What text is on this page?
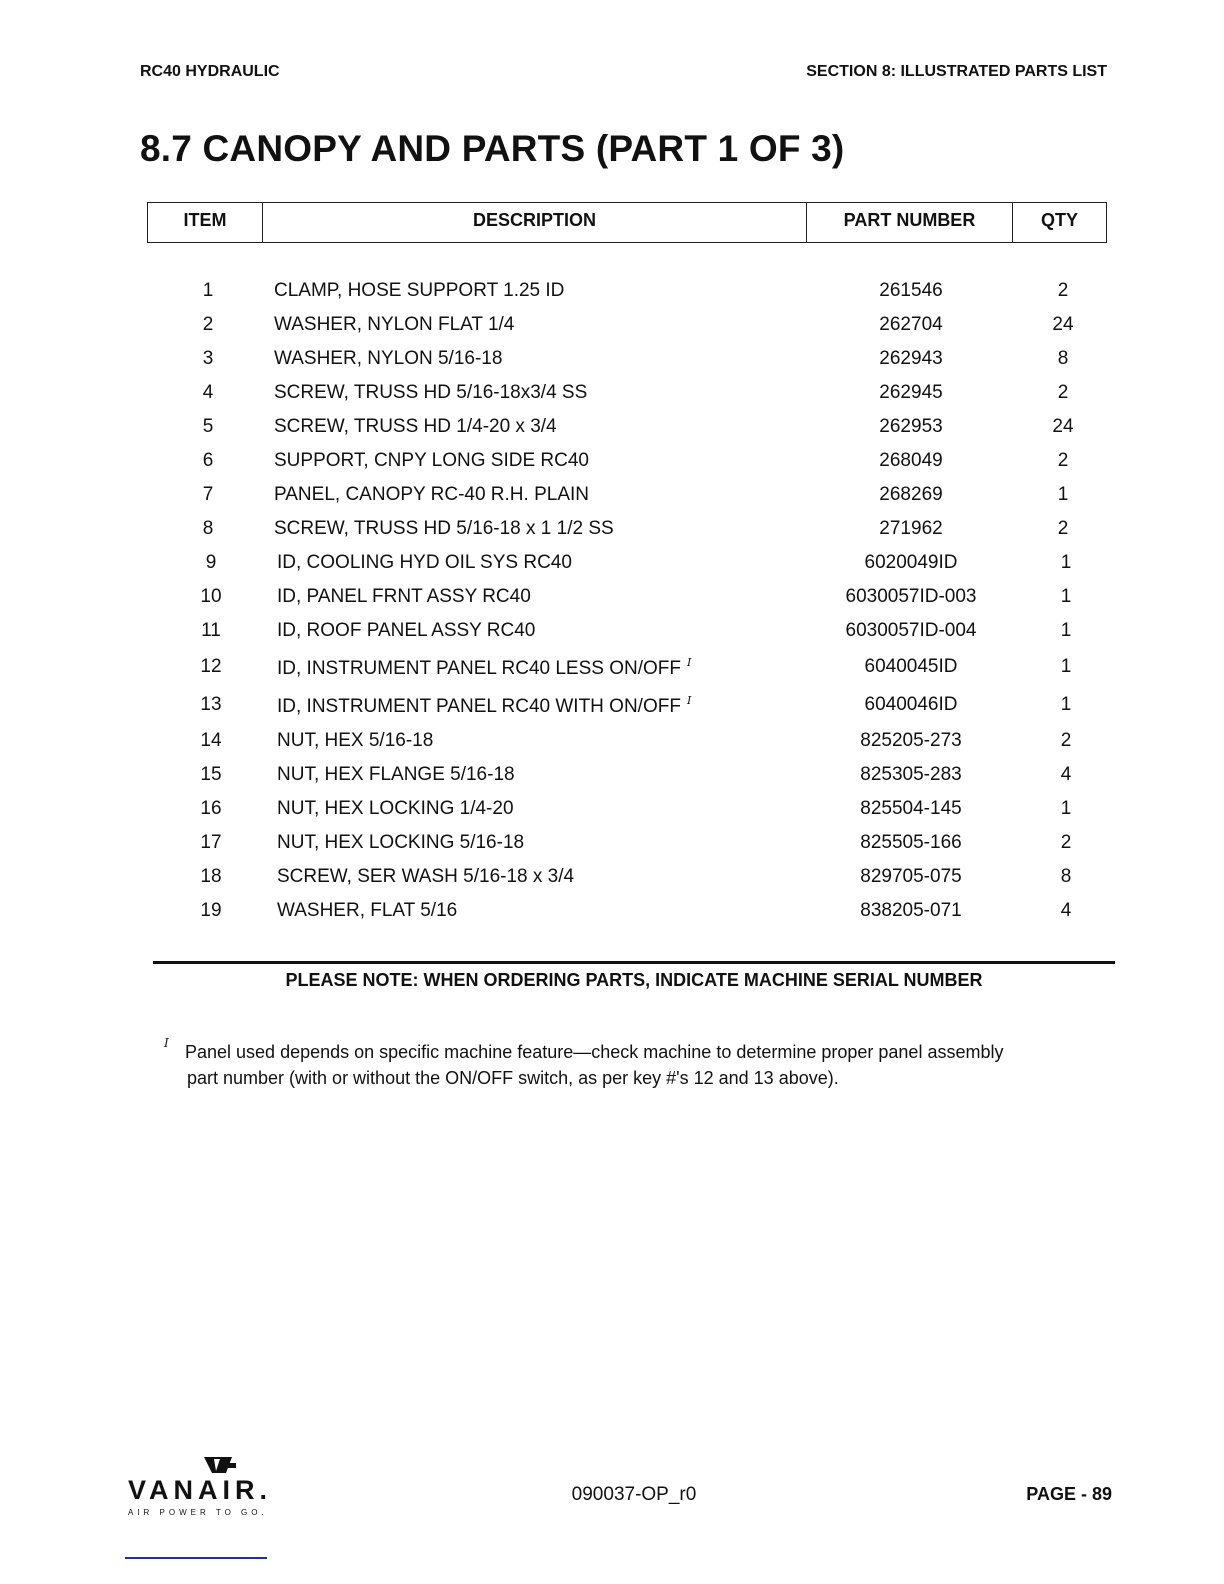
RC40 HYDRAULIC	SECTION 8: ILLUSTRATED PARTS LIST
8.7 CANOPY AND PARTS (PART 1 OF 3)
ITEM	DESCRIPTION	PART NUMBER	QTY
1	CLAMP, HOSE SUPPORT 1.25 ID	261546	2
2	WASHER, NYLON FLAT 1/4	262704	24
3	WASHER, NYLON 5/16-18	262943	8
4	SCREW, TRUSS HD 5/16-18x3/4 SS	262945	2
5	SCREW, TRUSS HD 1/4-20 x 3/4	262953	24
6	SUPPORT, CNPY LONG SIDE RC40	268049	2
7	PANEL, CANOPY RC-40 R.H. PLAIN	268269	1
8	SCREW, TRUSS HD 5/16-18 x 1 1/2 SS	271962	2
9	ID, COOLING HYD OIL SYS RC40	6020049ID	1
10	ID, PANEL FRNT ASSY RC40	6030057ID-003	1
11	ID, ROOF PANEL ASSY RC40	6030057ID-004	1
12	ID, INSTRUMENT PANEL RC40 LESS ON/OFF $^I$	6040045ID	1
13	ID, INSTRUMENT PANEL RC40 WITH ON/OFF $^I$	6040046ID	1
14	NUT, HEX 5/16-18	825205-273	2
15	NUT, HEX FLANGE 5/16-18	825305-283	4
16	NUT, HEX LOCKING 1/4-20	825504-145	1
17	NUT, HEX LOCKING 5/16-18	825505-166	2
18	SCREW, SER WASH 5/16-18 x 3/4	829705-075	8
19	WASHER, FLAT 5/16	838205-071	4
PLEASE NOTE: WHEN ORDERING PARTS, INDICATE MACHINE SERIAL NUMBER
I Panel used depends on specific machine feature—check machine to determine proper panel assembly
part number (with or without the ON/OFF switch, as per key #'s 12 and 13 above).
VANAIR.
AIR POWER TO GO.
090037-OP_r0	PAGE - 89
